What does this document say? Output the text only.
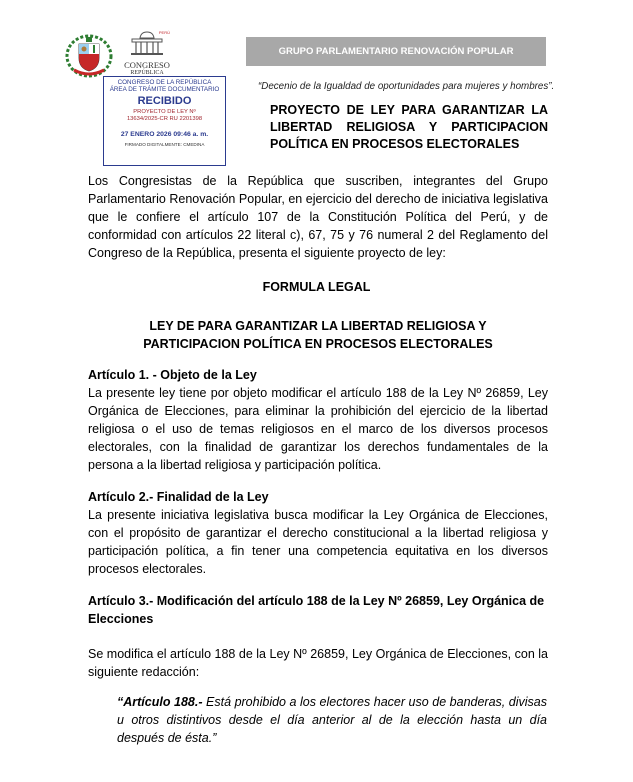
PERÚ
CONGRESO
REPÚBLICA
GRUPO PARLAMENTARIO RENOVACIÓN POPULAR
“Decenio de la Igualdad de oportunidades para mujeres y hombres”.
CONGRESO DE LA REPÚBLICA
ÁREA DE TRÁMITE DOCUMENTARIO
RECIBIDO
PROYECTO DE LEY Nº
13634/2025-CR RU 2201398
27 ENERO 2026 09:46 a. m.
FIRMADO DIGITALMENTE: CMEDINA
PROYECTO DE LEY PARA GARANTIZAR LA LIBERTAD RELIGIOSA Y PARTICIPACION POLÍTICA EN PROCESOS ELECTORALES
Los Congresistas de la República que suscriben, integrantes del Grupo Parlamentario Renovación Popular, en ejercicio del derecho de iniciativa legislativa que le confiere el artículo 107 de la Constitución Política del Perú, y de conformidad con artículos 22 literal c), 67, 75 y 76 numeral 2 del Reglamento del Congreso de la República, presenta el siguiente proyecto de ley:
FORMULA LEGAL
LEY DE PARA GARANTIZAR LA LIBERTAD RELIGIOSA Y
PARTICIPACION POLÍTICA EN PROCESOS ELECTORALES
Artículo 1. - Objeto de la Ley
La presente ley tiene por objeto modificar el artículo 188 de la Ley Nº 26859, Ley Orgánica de Elecciones, para eliminar la prohibición del ejercicio de la libertad religiosa o el uso de temas religiosos en el marco de los diversos procesos electorales, con la finalidad de garantizar los derechos fundamentales de la persona a la libertad religiosa y participación política.
Artículo 2.- Finalidad de la Ley
La presente iniciativa legislativa busca modificar la Ley Orgánica de Elecciones, con el propósito de garantizar el derecho constitucional a la libertad religiosa y participación política, a fin tener una competencia equitativa en los diversos procesos electorales.
Artículo 3.- Modificación del artículo 188 de la Ley Nº 26859, Ley Orgánica de Elecciones
Se modifica el artículo 188 de la Ley Nº 26859, Ley Orgánica de Elecciones, con la siguiente redacción:
“Artículo 188.- Está prohibido a los electores hacer uso de banderas, divisas u otros distintivos desde el día anterior al de la elección hasta un día después de ésta.”
